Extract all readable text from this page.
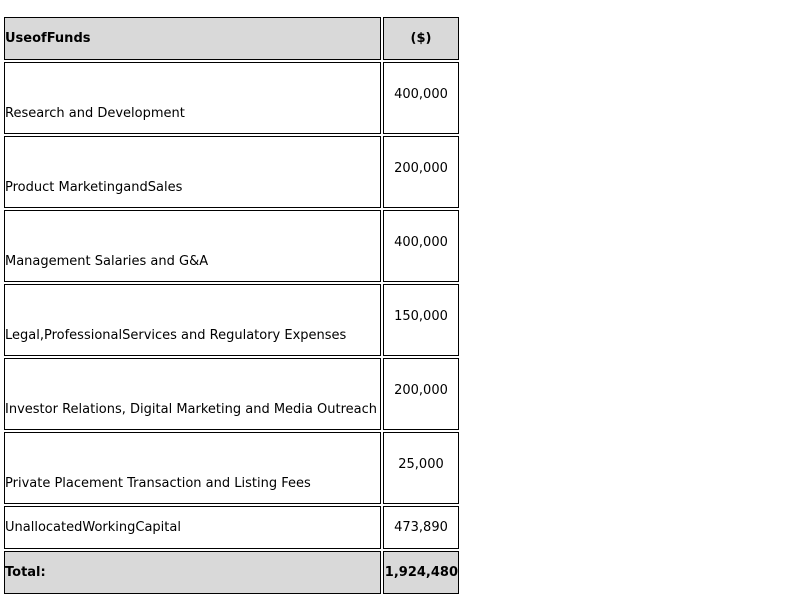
UseofFunds	($)
Research and Development	400,000
Product MarketingandSales	200,000
Management Salaries and G&A	400,000
Legal,ProfessionalServices and Regulatory Expenses	150,000
Investor Relations, Digital Marketing and Media Outreach	200,000
Private Placement Transaction and Listing Fees	25,000
UnallocatedWorkingCapital	473,890
Total:	1,924,480
